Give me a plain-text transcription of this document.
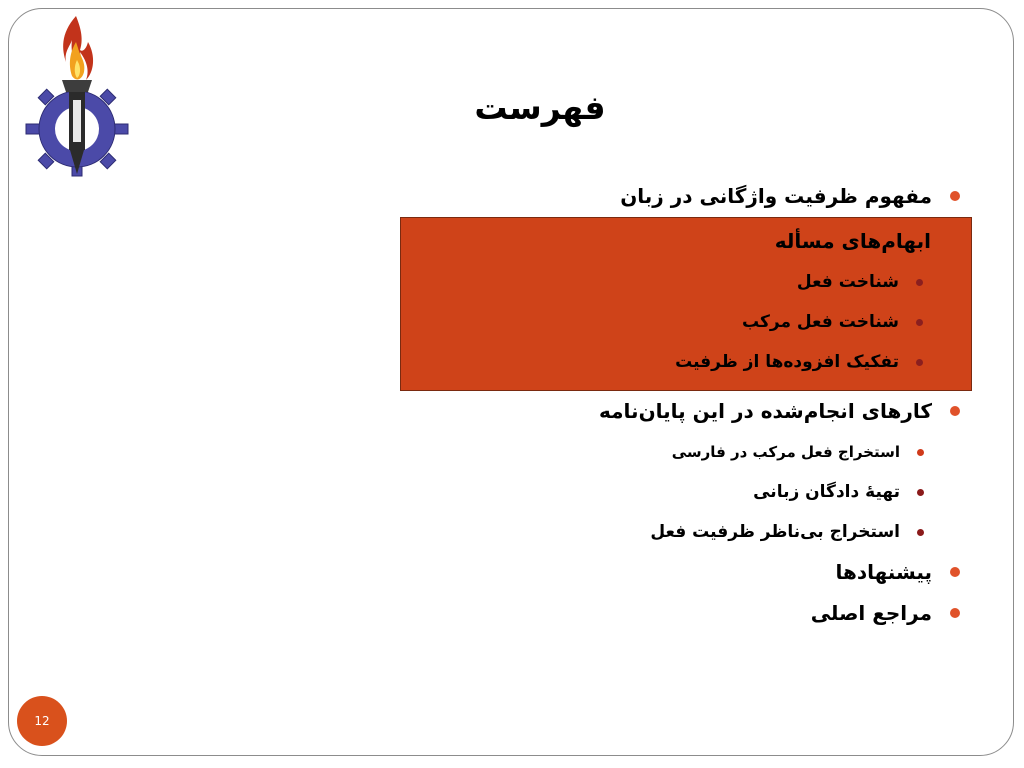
فهرست
مفهوم ظرفیت واژگانی در زبان
ابهام‌های مسأله
شناخت فعل
شناخت فعل مرکب
تفکیک افزوده‌ها از ظرفیت
کارهای انجام‌شده در این پایان‌نامه
استخراج فعل مرکب در فارسی
تهیهٔ دادگان زبانی
استخراج بی‌ناظر ظرفیت فعل
پیشنهادها
مراجع اصلی
12
